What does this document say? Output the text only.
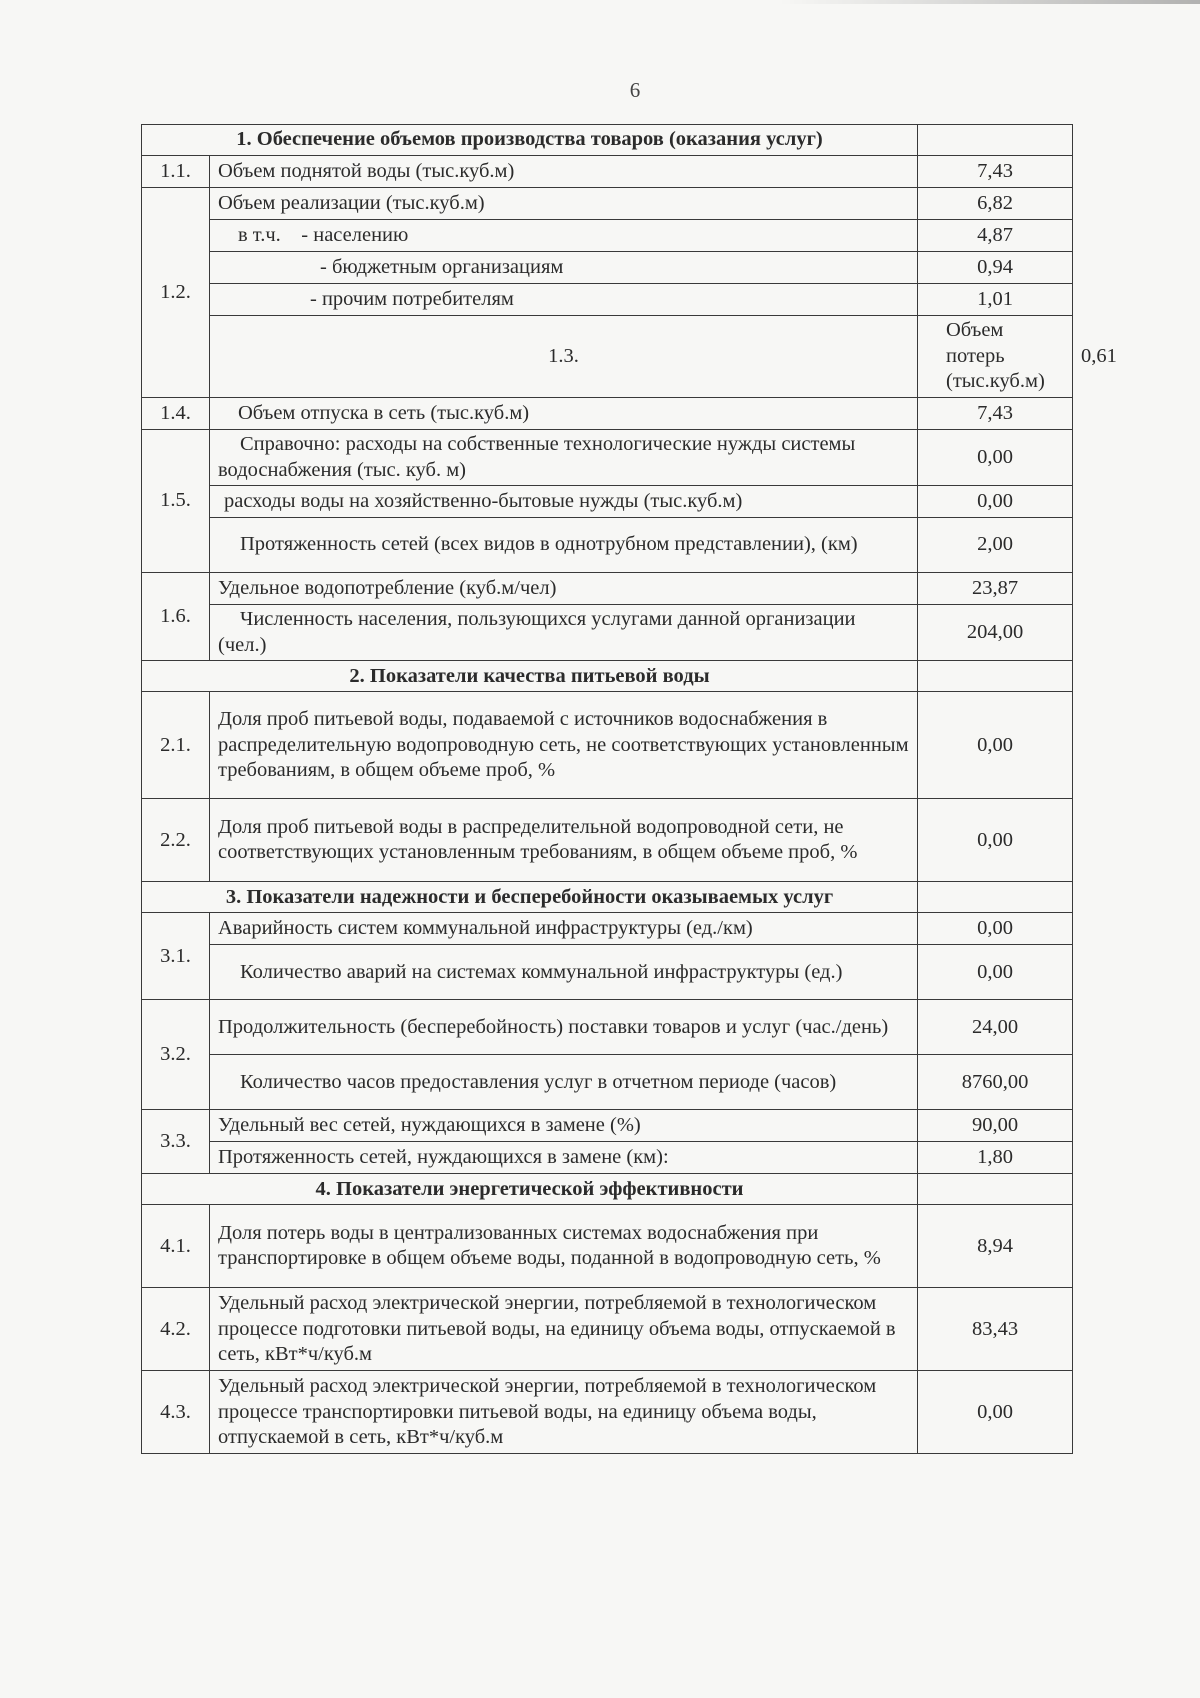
6
1. Обеспечение объемов производства товаров (оказания услуг)			
1.1.	Объем поднятой воды (тыс.куб.м)	7,43	
1.2.	Объем реализации (тыс.куб.м)	6,82	
	в т.ч.    - населению	4,87	
	- бюджетным организациям	0,94	
	- прочим потребителям	1,01	
	1.3.	Объем потерь (тыс.куб.м)	0,61
1.4.	Объем отпуска в сеть (тыс.куб.м)	7,43	
1.5.	Справочно: расходы на собственные технологические нужды системы водоснабжения (тыс. куб. м)	0,00	
	расходы воды на хозяйственно-бытовые нужды (тыс.куб.м)	0,00	
	Протяженность сетей (всех видов в однотрубном представлении), (км)	2,00	
1.6.	Удельное водопотребление (куб.м/чел)	23,87	
	Численность населения, пользующихся услугами данной организации (чел.)	204,00	
2. Показатели качества питьевой воды			
2.1.	Доля проб питьевой воды, подаваемой с источников водоснабжения в распределительную водопроводную сеть, не соответствующих установленным требованиям, в общем объеме проб, %	0,00	
2.2.	Доля проб питьевой воды в распределительной водопроводной сети, не соответствующих установленным требованиям, в общем объеме проб, %	0,00	
3. Показатели надежности и бесперебойности оказываемых услуг			
3.1.	Аварийность систем коммунальной инфраструктуры (ед./км)	0,00	
	Количество аварий на системах коммунальной инфраструктуры (ед.)	0,00	
3.2.	Продолжительность (бесперебойность) поставки товаров и услуг (час./день)	24,00	
	Количество часов предоставления услуг в отчетном периоде (часов)	8760,00	
3.3.	Удельный вес сетей, нуждающихся в замене (%)	90,00	
	Протяженность сетей, нуждающихся в замене (км):	1,80	
4. Показатели энергетической эффективности			
4.1.	Доля потерь воды в централизованных системах водоснабжения при транспортировке в общем объеме воды, поданной в водопроводную сеть, %	8,94	
4.2.	Удельный расход электрической энергии, потребляемой в технологическом процессе подготовки питьевой воды, на единицу объема воды, отпускаемой в сеть, кВт*ч/куб.м	83,43	
4.3.	Удельный расход электрической энергии, потребляемой в технологическом процессе транспортировки питьевой воды, на единицу объема воды, отпускаемой в сеть, кВт*ч/куб.м	0,00	
